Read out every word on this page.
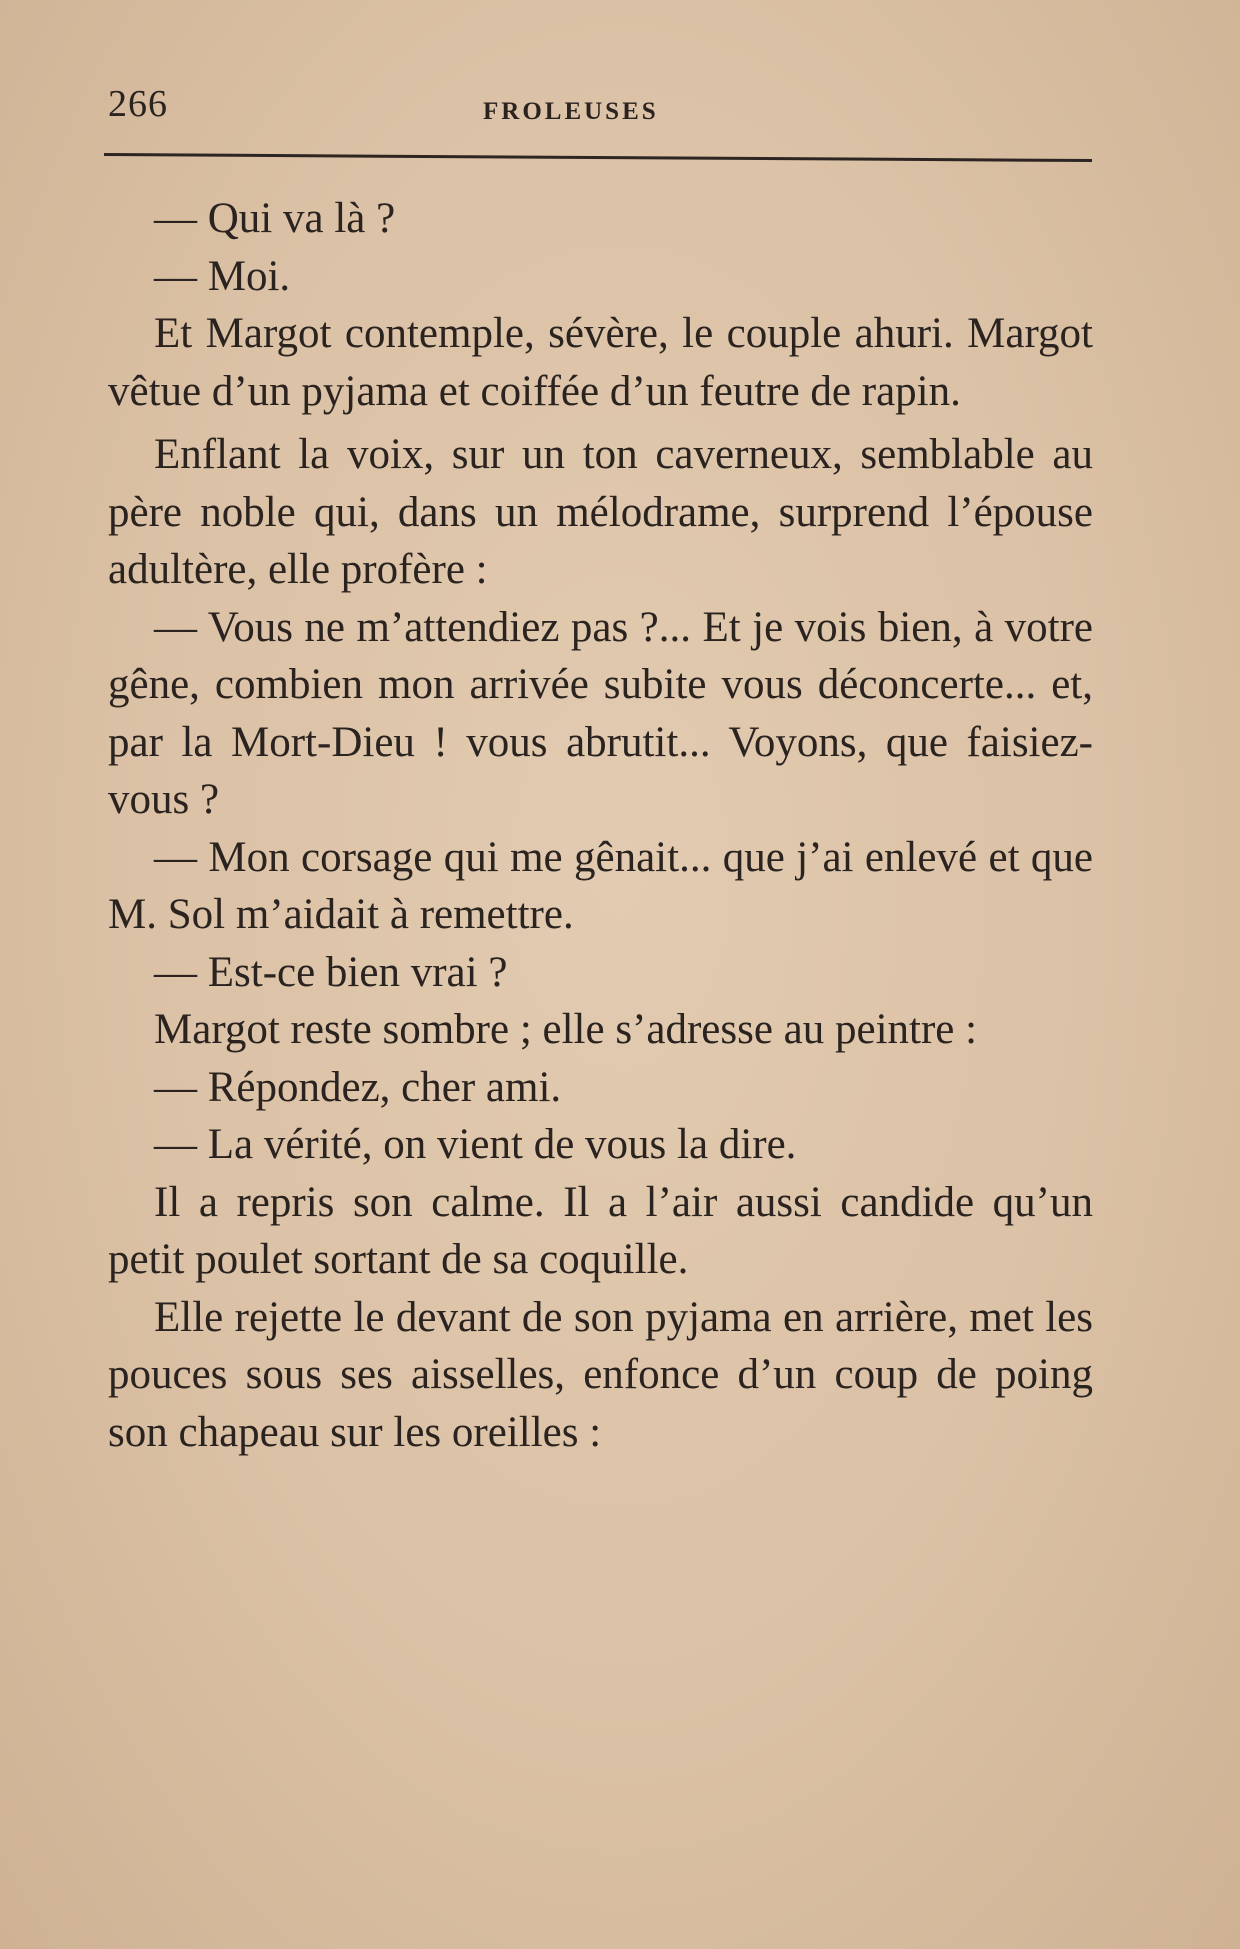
266	FROLEUSES

— Qui va là ?

— Moi.

Et Margot contemple, sévère, le couple ahuri. Margot vêtue d’un pyjama et coiffée d’un feutre de rapin.

Enflant la voix, sur un ton caverneux, semblable au père noble qui, dans un mélodrame, surprend l’épouse adultère, elle profère :

— Vous ne m’attendiez pas ?... Et je vois bien, à votre gêne, combien mon arrivée subite vous déconcerte... et, par la Mort-Dieu ! vous abrutit... Voyons, que faisiez-vous ?

— Mon corsage qui me gênait... que j’ai enlevé et que M. Sol m’aidait à remettre.

— Est-ce bien vrai ?

Margot reste sombre ; elle s’adresse au peintre :

— Répondez, cher ami.

— La vérité, on vient de vous la dire.

Il a repris son calme. Il a l’air aussi candide qu’un petit poulet sortant de sa coquille.

Elle rejette le devant de son pyjama en arrière, met les pouces sous ses aisselles, enfonce d’un coup de poing son chapeau sur les oreilles :
